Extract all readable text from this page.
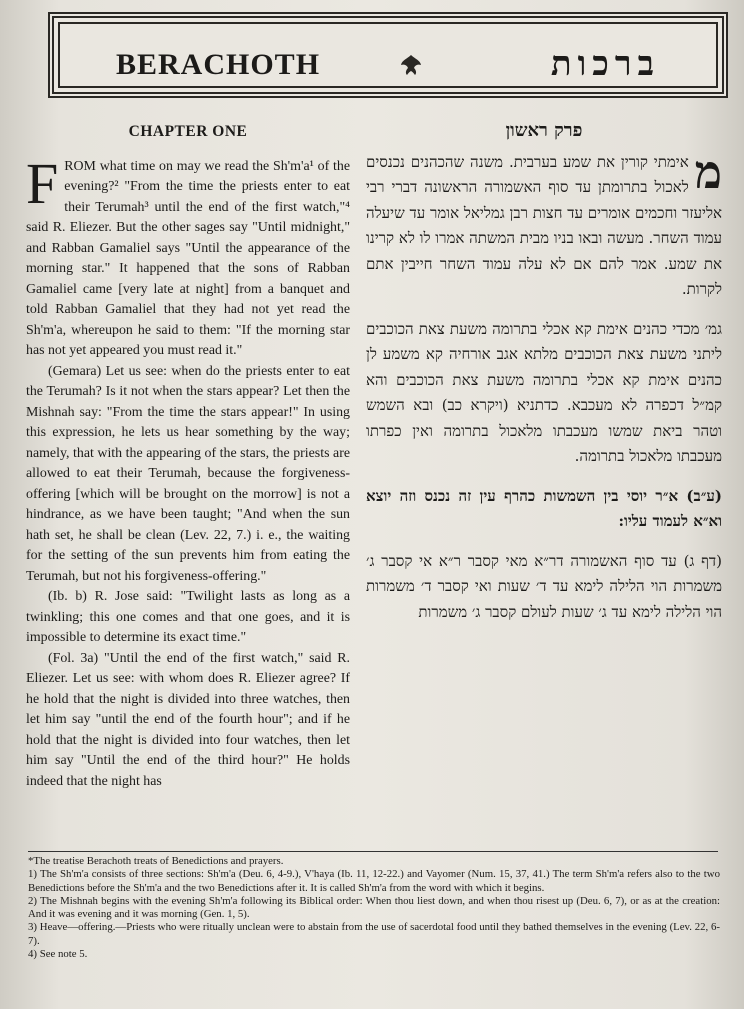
BERACHOTH	ברכות
CHAPTER ONE

FROM what time on may we read the Sh'm'a¹ of the evening?² "From the time the priests enter to eat their Terumah³ until the end of the first watch,"⁴ said R. Eliezer. But the other sages say "Until midnight," and Rabban Gamaliel says "Until the appearance of the morning star." It happened that the sons of Rabban Gamaliel came [very late at night] from a banquet and told Rabban Gamaliel that they had not yet read the Sh'm'a, whereupon he said to them: "If the morning star has not yet appeared you must read it."

(Gemara) Let us see: when do the priests enter to eat the Terumah? Is it not when the stars appear? Let then the Mishnah say: "From the time the stars appear!" In using this expression, he lets us hear something by the way; namely, that with the appearing of the stars, the priests are allowed to eat their Terumah, because the forgiveness-offering [which will be brought on the morrow] is not a hindrance, as we have been taught; "And when the sun hath set, he shall be clean (Lev. 22, 7.) i. e., the waiting for the setting of the sun prevents him from eating the Terumah, but not his forgiveness-offering."

(Ib. b) R. Jose said: "Twilight lasts as long as a twinkling; this one comes and that one goes, and it is impossible to determine its exact time."

(Fol. 3a) "Until the end of the first watch," said R. Eliezer. Let us see: with whom does R. Eliezer agree? If he hold that the night is divided into three watches, then let him say "until the end of the fourth hour"; and if he hold that the night is divided into four watches, then let him say "Until the end of the third hour?" He holds indeed that the night has

פרק ראשון

מ
אימתי קורין את שמע בערבית. משנה שהכהנים נכנסים לאכול בתרומתן עד סוף האשמורה הראשונה דברי רבי אליעזר וחכמים אומרים עד חצות רבן גמליאל אומר עד שיעלה עמוד השחר. מעשה ובאו בניו מבית המשתה אמרו לו לא קרינו את שמע. אמר להם אם לא עלה עמוד השחר חייבין אתם לקרות.

גמ׳ מכדי כהנים אימת קא אכלי בתרומה משעת צאת הכוכבים ליתני משעת צאת הכוכבים מלתא אגב אורחיה קא משמע לן כהנים אימת קא אכלי בתרומה משעת צאת הכוכבים והא קמ״ל דכפרה לא מעכבא. כדתניא (ויקרא כב) ובא השמש וטהר ביאת שמשו מעכבתו מלאכול בתרומה ואין כפרתו מעכבתו מלאכול בתרומה.

(ע״ב) א״ר יוסי בין השמשות כהרף עין זה נכנס וזה יוצא וא״א לעמוד עליו:

(דף ג) עד סוף האשמורה דר״א מאי קסבר ר״א אי קסבר ג׳ משמרות הוי הלילה לימא עד ד׳ שעות ואי קסבר ד׳ משמרות הוי הלילה לימא עד ג׳ שעות לעולם קסבר ג׳ משמרות

*The treatise Berachoth treats of Benedictions and prayers.

1) The Sh'm'a consists of three sections: Sh'm'a (Deu. 6, 4-9.), V'haya (Ib. 11, 12-22.) and Vayomer (Num. 15, 37, 41.) The term Sh'm'a refers also to the two Benedictions before the Sh'm'a and the two Benedictions after it. It is called Sh'm'a from the word with which it begins.

2) The Mishnah begins with the evening Sh'm'a following its Biblical order: When thou liest down, and when thou risest up (Deu. 6, 7), or as at the creation: And it was evening and it was morning (Gen. 1, 5).

3) Heave—offering.—Priests who were ritually unclean were to abstain from the use of sacerdotal food until they bathed themselves in the evening (Lev. 22, 6-7).

4) See note 5.
